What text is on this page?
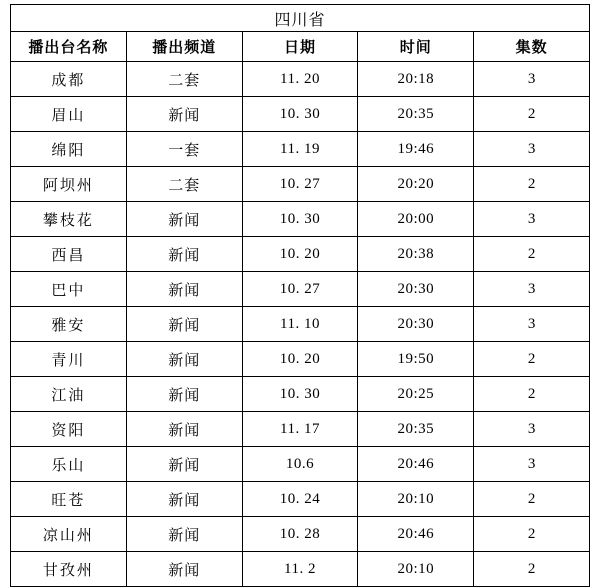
四川省				
播出台名称	播出频道	日期	时间	集数
成都	二套	11. 20	20:18	3
眉山	新闻	10. 30	20:35	2
绵阳	一套	11. 19	19:46	3
阿坝州	二套	10. 27	20:20	2
攀枝花	新闻	10. 30	20:00	3
西昌	新闻	10. 20	20:38	2
巴中	新闻	10. 27	20:30	3
雅安	新闻	11. 10	20:30	3
青川	新闻	10. 20	19:50	2
江油	新闻	10. 30	20:25	2
资阳	新闻	11. 17	20:35	3
乐山	新闻	10.6	20:46	3
旺苍	新闻	10. 24	20:10	2
凉山州	新闻	10. 28	20:46	2
甘孜州	新闻	11. 2	20:10	2
